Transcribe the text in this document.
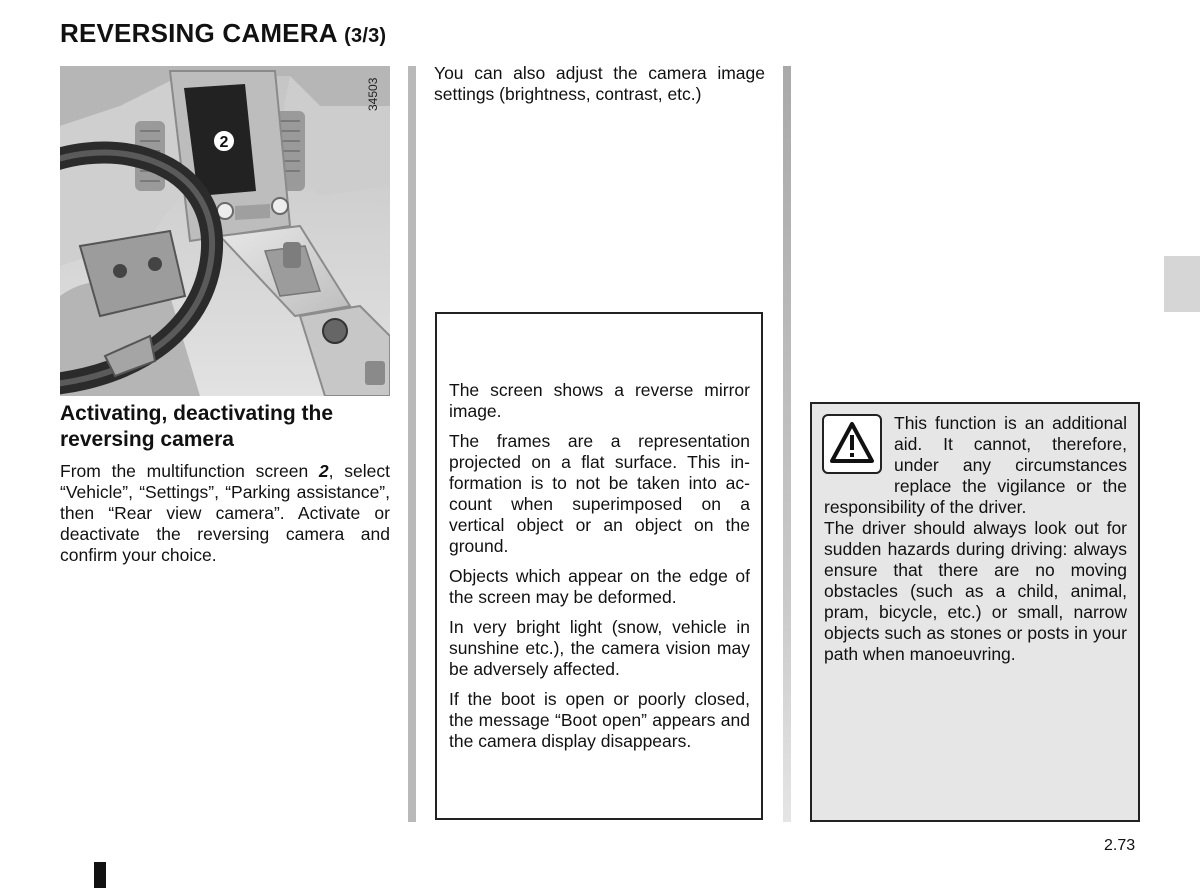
REVERSING CAMERA (3/3)
2
34503
Activating, deactivating the reversing camera
From the multifunction screen 2, select “Vehicle”, “Settings”, “Parking assistance”, then “Rear view camera”. Activate or deactivate the reversing camera and confirm your choice.
You can also adjust the camera image settings (brightness, contrast, etc.)
The screen shows a reverse mirror image.
The frames are a representation projected on a flat surface. This information is to not be taken into account when superimposed on a vertical object or an object on the ground.
Objects which appear on the edge of the screen may be deformed.
In very bright light (snow, vehicle in sunshine etc.), the camera vision may be adversely affected.
If the boot is open or poorly closed, the message “Boot open” appears and the camera display disappears.
This function is an additional aid. It cannot, therefore, under any circumstances replace the vigilance or the responsibility of the driver.
The driver should always look out for sudden hazards during driving: always ensure that there are no moving obstacles (such as a child, animal, pram, bicycle, etc.) or small, narrow objects such as stones or posts in your path when manoeuvring.
2.73
